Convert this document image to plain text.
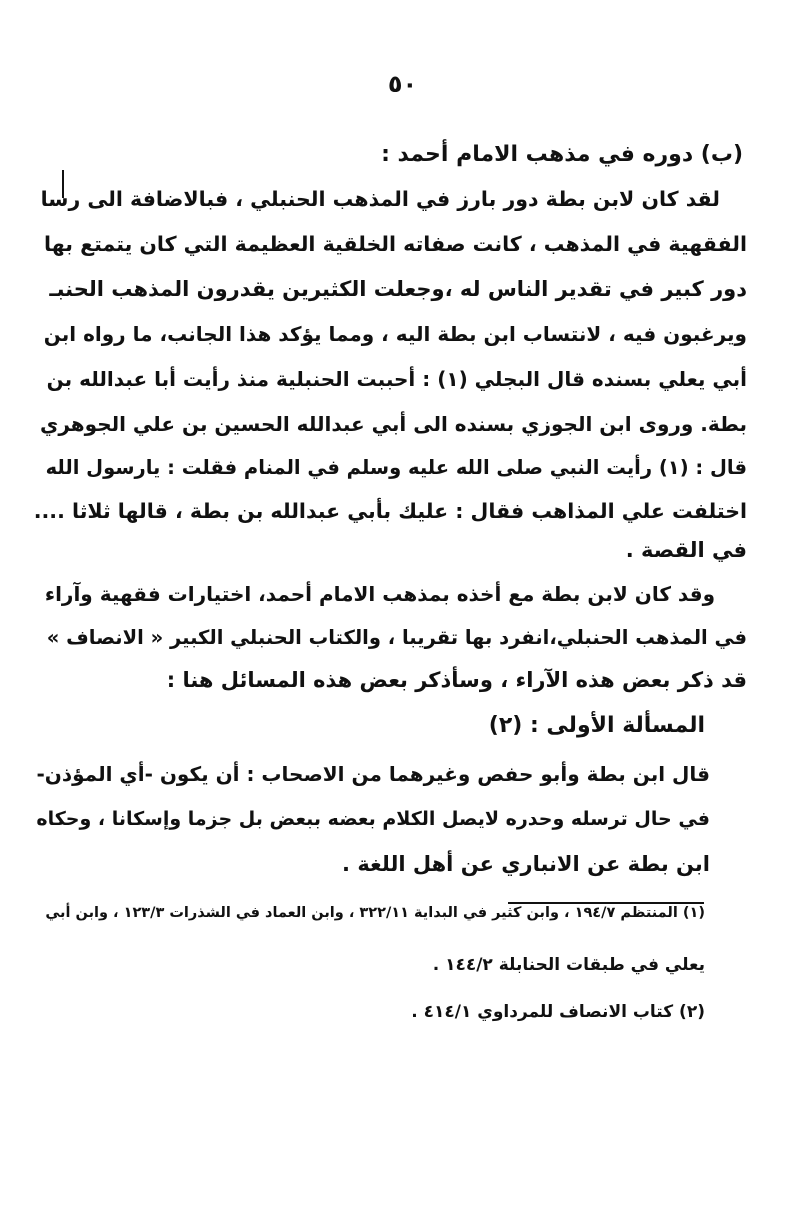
٥٠
(ب) دوره في مذهب الامام أحمد :
لقد كان لابن بطة دور بارز في المذهب الحنبلي ، فبالاضافة الى رسا
الفقهية في المذهب ، كانت صفاته الخلقية العظيمة التي كان يتمتع بها
دور كبير في تقدير الناس له ،وجعلت الكثيرين يقدرون المذهب الحنبـ
ويرغبون فيه ، لانتساب ابن بطة اليه ، ومما يؤكد هذا الجانب، ما رواه ابن
أبي يعلي بسنده قال البجلي (١) : أحببت الحنبلية منذ رأيت أبا عبدالله بن
بطة. وروى ابن الجوزي بسنده الى أبي عبدالله الحسين بن علي الجوهري
قال : (١) رأيت النبي صلى الله عليه وسلم في المنام فقلت : يارسول الله
اختلفت علي المذاهب فقال : عليك بأبي عبدالله بن بطة ، قالها ثلاثا ....
في القصة .
وقد كان لابن بطة مع أخذه بمذهب الامام أحمد، اختيارات فقهية وآراء
في المذهب الحنبلي،انفرد بها تقريبا ، والكتاب الحنبلي الكبير « الانصاف »
قد ذكر بعض هذه الآراء ، وسأذكر بعض هذه المسائل هنا :
المسألة الأولى : (٢)
قال ابن بطة وأبو حفص وغيرهما من الاصحاب : أن يكون -أي المؤذن-
في حال ترسله وحدره لايصل الكلام بعضه ببعض بل جزما وإسكانا ، وحكاه
ابن بطة عن الانباري عن أهل اللغة .
(١) المنتظم ١٩٤/٧ ، وابن كثير في البداية ٣٢٢/١١ ، وابن العماد في الشذرات ١٢٣/٣ ، وابن أبي
يعلي في طبقات الحنابلة ١٤٤/٢ .
(٢) كتاب الانصاف للمرداوي ٤١٤/١ .
